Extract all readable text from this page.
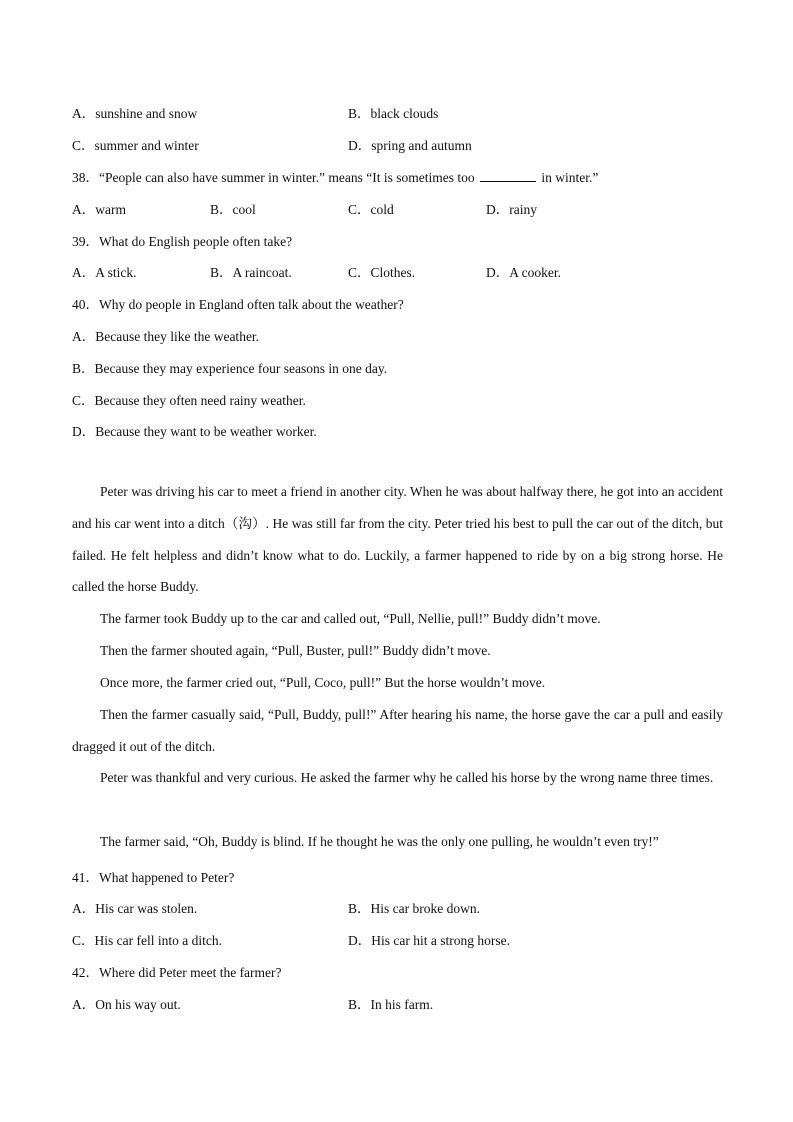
A．sunshine and snow	B．black clouds
C．summer and winter	D．spring and autumn
38．“People can also have summer in winter.” means “It is sometimes too	in winter.”
A．warm	B．cool	C．cold	D．rainy
39．What do English people often take?
A．A stick.	B．A raincoat.	C．Clothes.	D．A cooker.
40．Why do people in England often talk about the weather?
A．Because they like the weather.
B．Because they may experience four seasons in one day.
C．Because they often need rainy weather.
D．Because they want to be weather worker.
Peter was driving his car to meet a friend in another city. When he was about halfway there, he got into an accident and his car went into a ditch（沟）. He was still far from the city. Peter tried his best to pull the car out of the ditch, but failed. He felt helpless and didn’t know what to do. Luckily, a farmer happened to ride by on a big strong horse. He called the horse Buddy.
The farmer took Buddy up to the car and called out, “Pull, Nellie, pull!” Buddy didn’t move.
Then the farmer shouted again, “Pull, Buster, pull!” Buddy didn’t move.
Once more, the farmer cried out, “Pull, Coco, pull!” But the horse wouldn’t move.
Then the farmer casually said, “Pull, Buddy, pull!” After hearing his name, the horse gave the car a pull and easily dragged it out of the ditch.
Peter was thankful and very curious. He asked the farmer why he called his horse by the wrong name three times.
The farmer said, “Oh, Buddy is blind. If he thought he was the only one pulling, he wouldn’t even try!”
41．What happened to Peter?
A．His car was stolen.	B．His car broke down.
C．His car fell into a ditch.	D．His car hit a strong horse.
42．Where did Peter meet the farmer?
A．On his way out.	B．In his farm.
